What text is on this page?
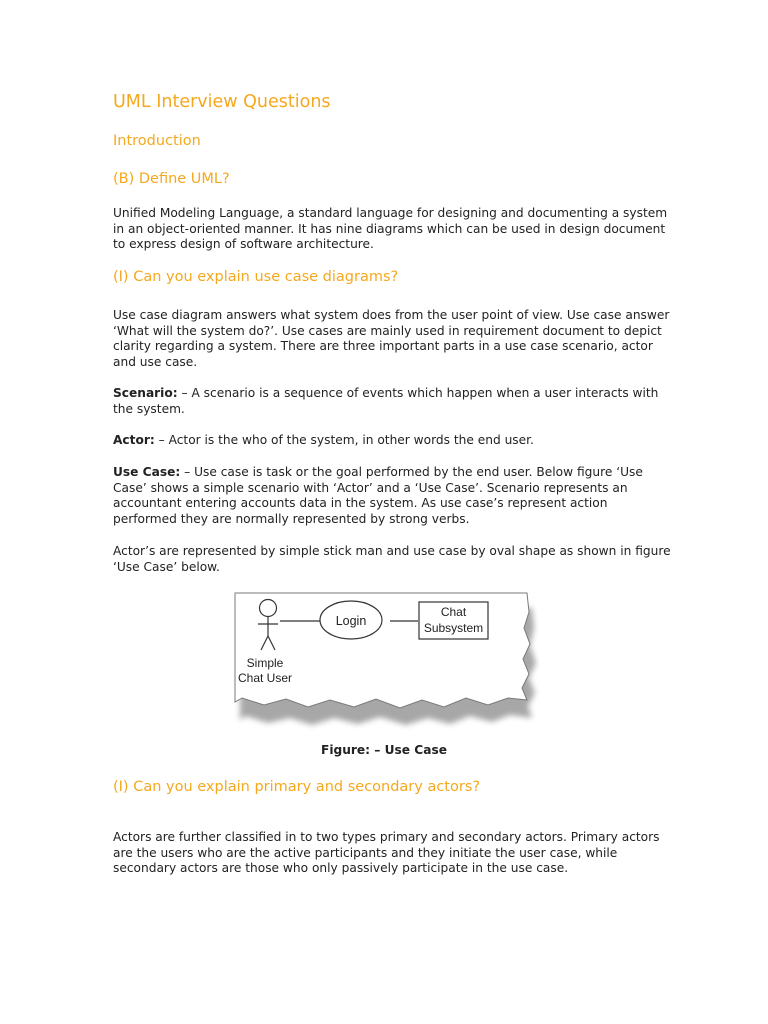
UML Interview Questions
Introduction
(B) Define UML?

Unified Modeling Language, a standard language for designing and documenting a system in an object-oriented manner. It has nine diagrams which can be used in design document to express design of software architecture.

(I) Can you explain use case diagrams?

Use case diagram answers what system does from the user point of view. Use case answer ‘What will the system do?’. Use cases are mainly used in requirement document to depict clarity regarding a system. There are three important parts in a use case scenario, actor and use case.

Scenario: – A scenario is a sequence of events which happen when a user interacts with the system.

Actor: – Actor is the who of the system, in other words the end user.

Use Case: – Use case is task or the goal performed by the end user. Below figure ‘Use Case’ shows a simple scenario with ‘Actor’ and a ‘Use Case’. Scenario represents an accountant entering accounts data in the system. As use case’s represent action performed they are normally represented by strong verbs.

Actor’s are represented by simple stick man and use case by oval shape as shown in figure ‘Use Case’ below.

Login
Chat
Subsystem
Simple
Chat User

Figure: – Use Case

(I) Can you explain primary and secondary actors?

Actors are further classified in to two types primary and secondary actors. Primary actors are the users who are the active participants and they initiate the user case, while secondary actors are those who only passively participate in the use case.
